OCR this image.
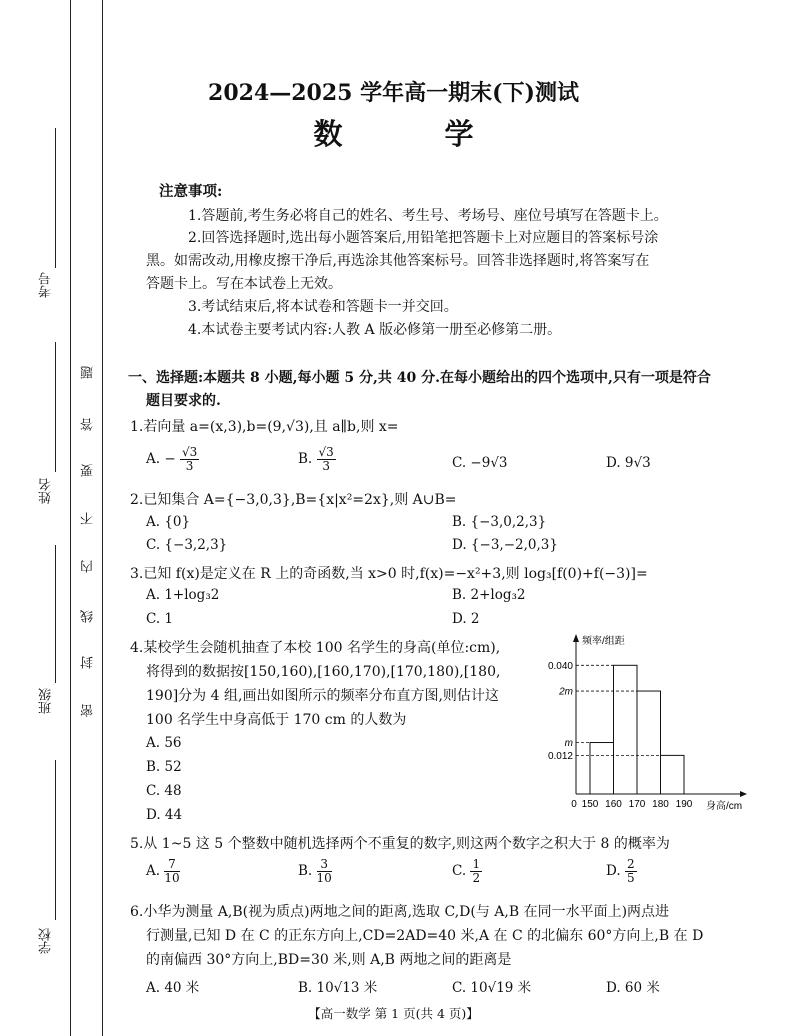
考号
姓名
班级
学校
题
答
要
不
内
线
封
密
2024—2025 学年高一期末(下)测试
数 学
注意事项:
1.答题前,考生务必将自己的姓名、考生号、考场号、座位号填写在答题卡上。
2.回答选择题时,选出每小题答案后,用铅笔把答题卡上对应题目的答案标号涂
黑。如需改动,用橡皮擦干净后,再选涂其他答案标号。回答非选择题时,将答案写在
答题卡上。写在本试卷上无效。
3.考试结束后,将本试卷和答题卡一并交回。
4.本试卷主要考试内容:人教 A 版必修第一册至必修第二册。
一、选择题:本题共 8 小题,每小题 5 分,共 40 分.在每小题给出的四个选项中,只有一项是符合
题目要求的.
1.若向量 a=(x,3),b=(9,√3),且 a∥b,则 x=
A. − $\frac{√3}{3}$	B. $\frac{√3}{3}$	C. −9√3	D. 9√3
2.已知集合 A={−3,0,3},B={x|x²=2x},则 A∪B=
A. {0}	B. {−3,0,2,3}
C. {−3,2,3}	D. {−3,−2,0,3}
3.已知 f(x)是定义在 R 上的奇函数,当 x>0 时,f(x)=−x²+3,则 log₃[f(0)+f(−3)]=
A. 1+log₃2	B. 2+log₃2
C. 1	D. 2
4.某校学生会随机抽查了本校 100 名学生的身高(单位:cm),
将得到的数据按[150,160),[160,170),[170,180),[180,
190]分为 4 组,画出如图所示的频率分布直方图,则估计这
100 名学生中身高低于 170 cm 的人数为
A. 56
B. 52
C. 48
D. 44
m
0.040
2m
0.012
0 150 160 170 180 190
频率/组距
身高/cm
5.从 1~5 这 5 个整数中随机选择两个不重复的数字,则这两个数字之积大于 8 的概率为
A. $\frac{7}{10}$	B. $\frac{3}{10}$	C. $\frac{1}{2}$	D. $\frac{2}{5}$
6.小华为测量 A,B(视为质点)两地之间的距离,选取 C,D(与 A,B 在同一水平面上)两点进
行测量,已知 D 在 C 的正东方向上,CD=2AD=40 米,A 在 C 的北偏东 60°方向上,B 在 D
的南偏西 30°方向上,BD=30 米,则 A,B 两地之间的距离是
A. 40 米	B. 10√13 米	C. 10√19 米	D. 60 米
【高一数学 第 1 页(共 4 页)】
